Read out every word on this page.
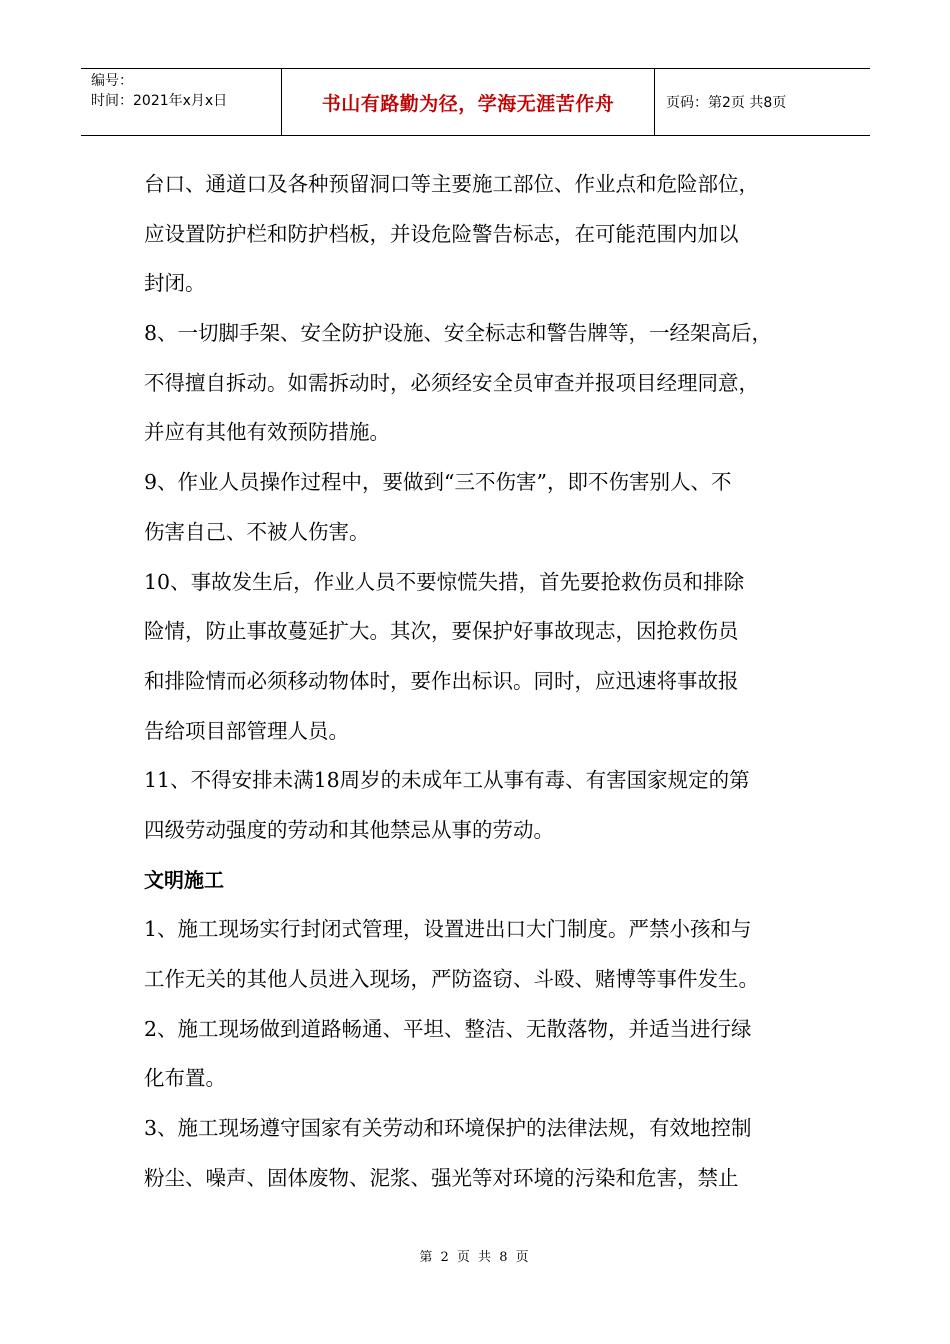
编号：
时间：2021年x月x日	书山有路勤为径，学海无涯苦作舟	页码：第2页 共8页
台口、通道口及各种预留洞口等主要施工部位、作业点和危险部位，
应设置防护栏和防护档板，并设危险警告标志，在可能范围内加以
封闭。
8、一切脚手架、安全防护设施、安全标志和警告牌等，一经架高后，
不得擅自拆动。如需拆动时，必须经安全员审查并报项目经理同意，
并应有其他有效预防措施。
9、作业人员操作过程中，要做到“三不伤害”，即不伤害别人、不
伤害自己、不被人伤害。
10、事故发生后，作业人员不要惊慌失措，首先要抢救伤员和排除
险情，防止事故蔓延扩大。其次，要保护好事故现志，因抢救伤员
和排险情而必须移动物体时，要作出标识。同时，应迅速将事故报
告给项目部管理人员。
11、不得安排未满18周岁的未成年工从事有毒、有害国家规定的第
四级劳动强度的劳动和其他禁忌从事的劳动。
文明施工
1、施工现场实行封闭式管理，设置进出口大门制度。严禁小孩和与
工作无关的其他人员进入现场，严防盗窃、斗殴、赌博等事件发生。
2、施工现场做到道路畅通、平坦、整洁、无散落物，并适当进行绿
化布置。
3、施工现场遵守国家有关劳动和环境保护的法律法规，有效地控制
粉尘、噪声、固体废物、泥浆、强光等对环境的污染和危害，禁止
第 2 页 共 8 页
